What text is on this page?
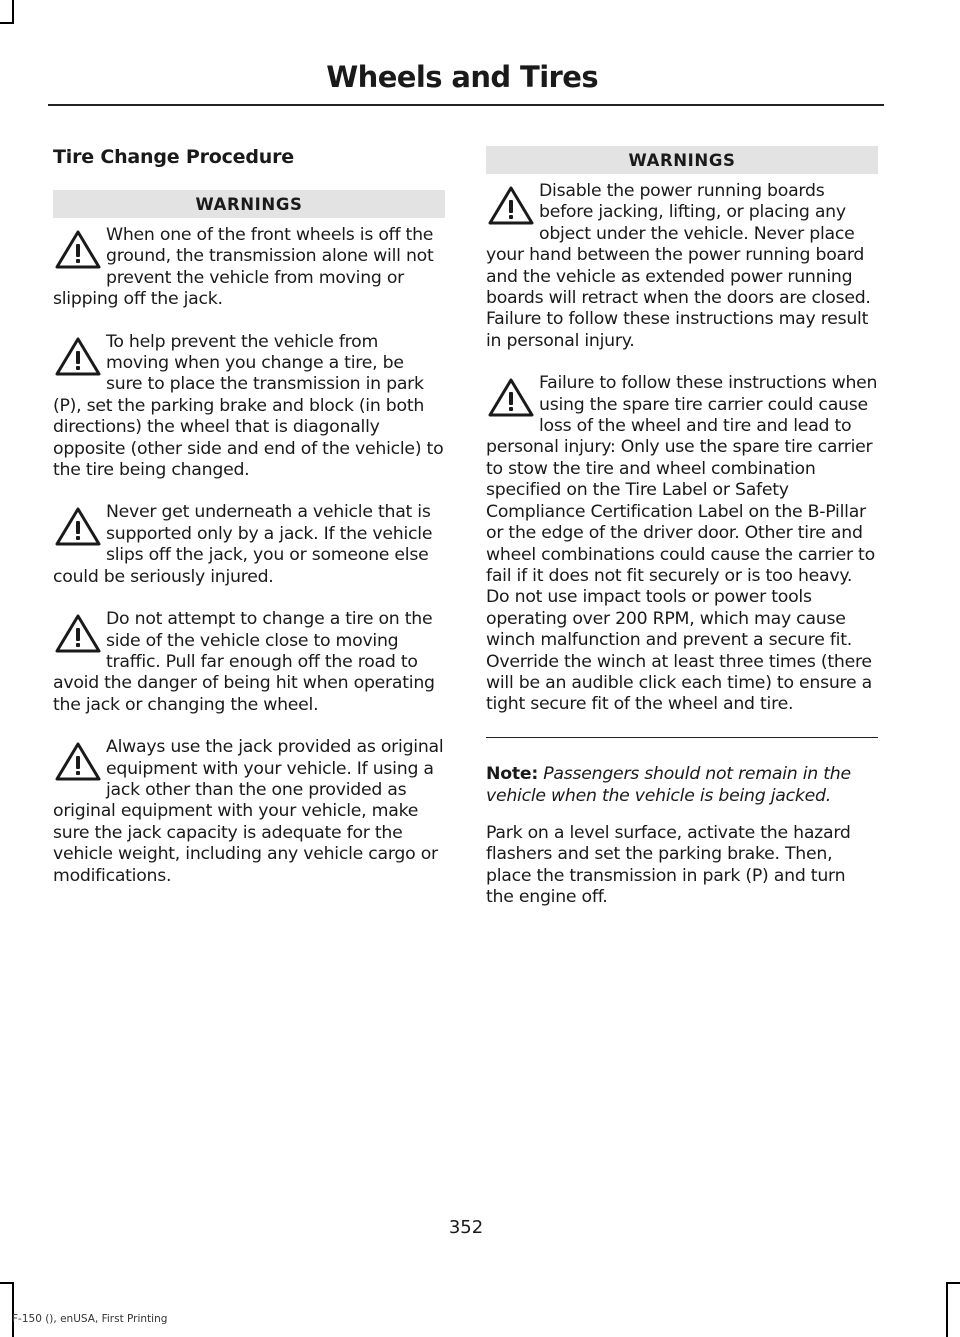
Wheels and Tires
Tire Change Procedure
WARNINGS
When one of the front wheels is off the ground, the transmission alone will not prevent the vehicle from moving or slipping off the jack.
To help prevent the vehicle from moving when you change a tire, be sure to place the transmission in park (P), set the parking brake and block (in both directions) the wheel that is diagonally opposite (other side and end of the vehicle) to the tire being changed.
Never get underneath a vehicle that is supported only by a jack. If the vehicle slips off the jack, you or someone else could be seriously injured.
Do not attempt to change a tire on the side of the vehicle close to moving traffic. Pull far enough off the road to avoid the danger of being hit when operating the jack or changing the wheel.
Always use the jack provided as original equipment with your vehicle. If using a jack other than the one provided as original equipment with your vehicle, make sure the jack capacity is adequate for the vehicle weight, including any vehicle cargo or modifications.
WARNINGS
Disable the power running boards before jacking, lifting, or placing any object under the vehicle. Never place your hand between the power running board and the vehicle as extended power running boards will retract when the doors are closed. Failure to follow these instructions may result in personal injury.
Failure to follow these instructions when using the spare tire carrier could cause loss of the wheel and tire and lead to personal injury: Only use the spare tire carrier to stow the tire and wheel combination specified on the Tire Label or Safety Compliance Certification Label on the B-Pillar or the edge of the driver door. Other tire and wheel combinations could cause the carrier to fail if it does not fit securely or is too heavy. Do not use impact tools or power tools operating over 200 RPM, which may cause winch malfunction and prevent a secure fit. Override the winch at least three times (there will be an audible click each time) to ensure a tight secure fit of the wheel and tire.

Note: Passengers should not remain in the vehicle when the vehicle is being jacked.

Park on a level surface, activate the hazard flashers and set the parking brake. Then, place the transmission in park (P) and turn the engine off.

352
F-150 (), enUSA, First Printing
